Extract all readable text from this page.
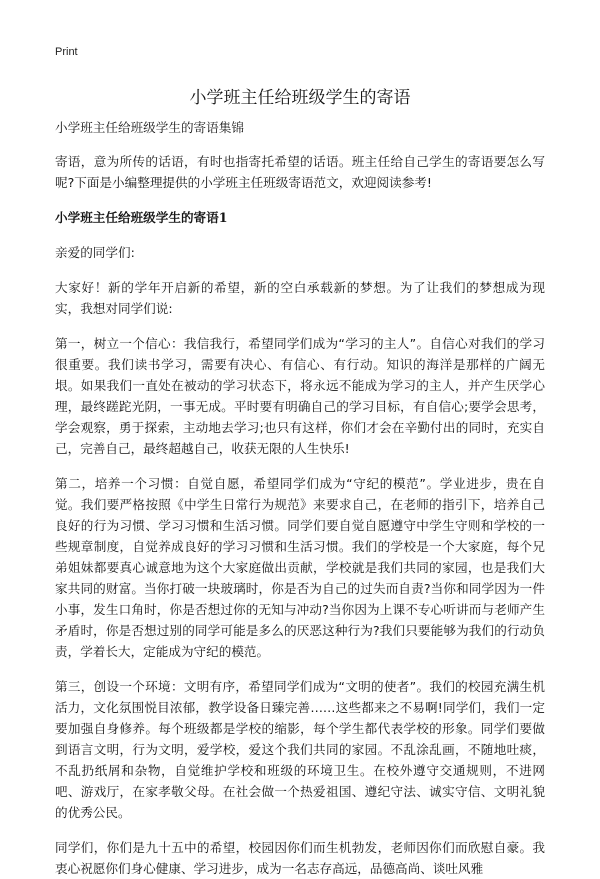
Print
小学班主任给班级学生的寄语

小学班主任给班级学生的寄语集锦

寄语，意为所传的话语，有时也指寄托希望的话语。班主任给自己学生的寄语要怎么写呢?下面是小编整理提供的小学班主任班级寄语范文，欢迎阅读参考!

小学班主任给班级学生的寄语1

亲爱的同学们:

大家好！新的学年开启新的希望，新的空白承载新的梦想。为了让我们的梦想成为现实，我想对同学们说:

第一，树立一个信心：我信我行，希望同学们成为“学习的主人”。自信心对我们的学习很重要。我们读书学习，需要有决心、有信心、有行动。知识的海洋是那样的广阔无垠。如果我们一直处在被动的学习状态下，将永远不能成为学习的主人，并产生厌学心理，最终蹉跎光阴，一事无成。平时要有明确自己的学习目标，有自信心;要学会思考，学会观察，勇于探索，主动地去学习;也只有这样，你们才会在辛勤付出的同时，充实自己，完善自己，最终超越自己，收获无限的人生快乐!

第二，培养一个习惯：自觉自愿，希望同学们成为“守纪的模范”。学业进步，贵在自觉。我们要严格按照《中学生日常行为规范》来要求自己，在老师的指引下，培养自己良好的行为习惯、学习习惯和生活习惯。同学们要自觉自愿遵守中学生守则和学校的一些规章制度，自觉养成良好的学习习惯和生活习惯。我们的学校是一个大家庭，每个兄弟姐妹都要真心诚意地为这个大家庭做出贡献，学校就是我们共同的家园，也是我们大家共同的财富。当你打破一块玻璃时，你是否为自己的过失而自责?当你和同学因为一件小事，发生口角时，你是否想过你的无知与冲动?当你因为上课不专心听讲而与老师产生矛盾时，你是否想过别的同学可能是多么的厌恶这种行为?我们只要能够为我们的行动负责，学着长大，定能成为守纪的模范。

第三，创设一个环境：文明有序，希望同学们成为“文明的使者”。我们的校园充满生机活力，文化氛围悦目浓郁，教学设备日臻完善……这些都来之不易啊!同学们，我们一定要加强自身修养。每个班级都是学校的缩影，每个学生都代表学校的形象。同学们要做到语言文明，行为文明，爱学校，爱这个我们共同的家园。不乱涂乱画，不随地吐痰，不乱扔纸屑和杂物，自觉维护学校和班级的环境卫生。在校外遵守交通规则，不进网吧、游戏厅，在家孝敬父母。在社会做一个热爱祖国、遵纪守法、诚实守信、文明礼貌的优秀公民。

同学们，你们是九十五中的希望，校园因你们而生机勃发，老师因你们而欣慰自豪。我衷心祝愿你们身心健康、学习进步，成为一名志存高远，品德高尚、谈吐风雅
